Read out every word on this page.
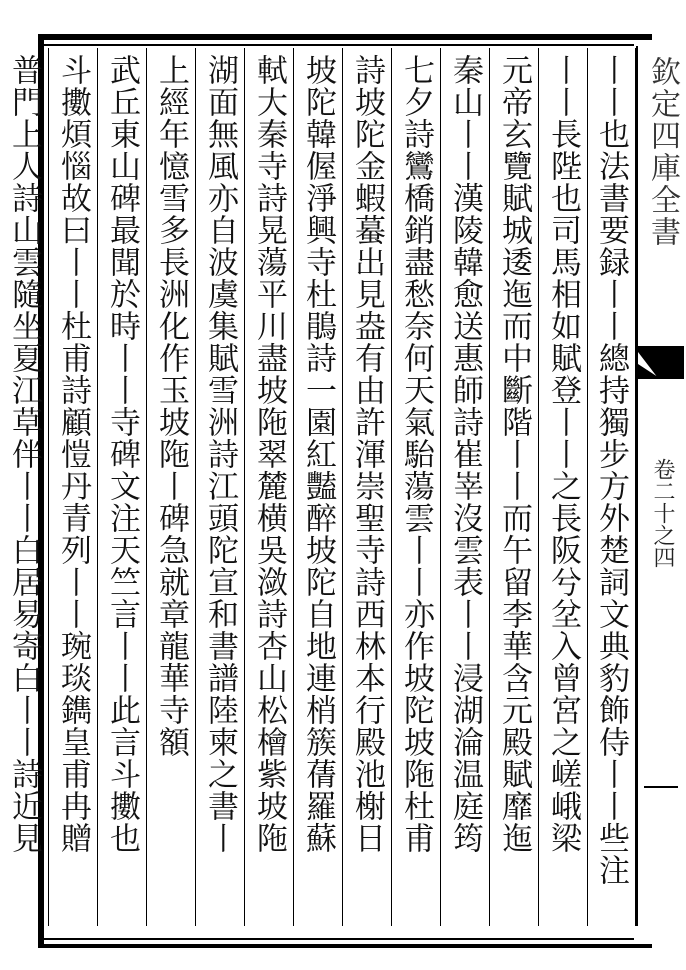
丨丨也法書要録丨丨總持獨步方外楚詞文典豹飾侍丨丨些注
丨丨長陛也司馬相如賦登丨丨之長阪兮坌入曾宮之嵯峨梁
元帝玄覽賦城逶迤而中斷階丨丨而午留李華含元殿賦靡迤
秦山丨丨漢陵韓愈送惠師詩崔峷沒雲表丨丨浸湖淪温庭筠
七夕詩鸞橋銷盡愁奈何天氣駘蕩雲丨丨亦作坡陀坡陁杜甫
詩坡陀金蝦蟇出見盎有由許渾崇聖寺詩西林本行殿池榭日
坡陀韓偓淨興寺杜鵑詩一園紅豔醉坡陀自地連梢簇蒨羅蘇
軾大秦寺詩晃蕩平川盡坡陁翠麓横吳潋詩杏山松檜紫坡陁
湖面無風亦自波虞集賦雪洲詩江頭陀宣和書譜陸柬之書丨
上經年憶雪多長洲化作玉坡陁丨碑急就章龍華寺額
武丘東山碑最聞於時丨丨寺碑文注天竺言丨丨此言斗擻也
斗擻煩惱故曰丨丨杜甫詩顧愷丹青列丨丨琬琰鐫皇甫冉贈
普門上人詩山雲隨坐夏江草伴丨丨白居易寄白丨丨詩近見	欽定四庫全書
卷二十之四
